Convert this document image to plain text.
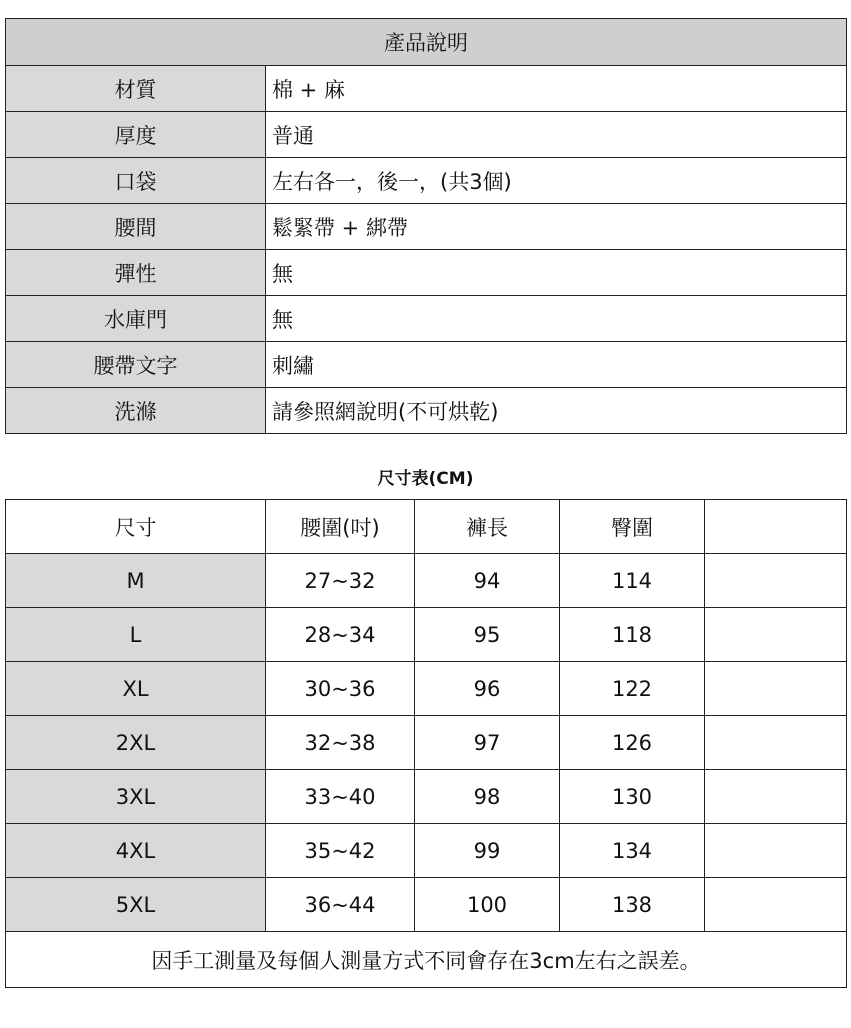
產品說明	
材質	棉 + 麻
厚度	普通
口袋	左右各一，後一，(共3個)
腰間	鬆緊帶 + 綁帶
彈性	無
水庫門	無
腰帶文字	刺繡
洗滌	請參照網說明(不可烘乾)
尺寸表(CM)
尺寸	腰圍(吋)	褲長	臀圍	
M	27~32	94	114	
L	28~34	95	118	
XL	30~36	96	122	
2XL	32~38	97	126	
3XL	33~40	98	130	
4XL	35~42	99	134	
5XL	36~44	100	138	
因手工測量及每個人測量方式不同會存在3cm左右之誤差。				
